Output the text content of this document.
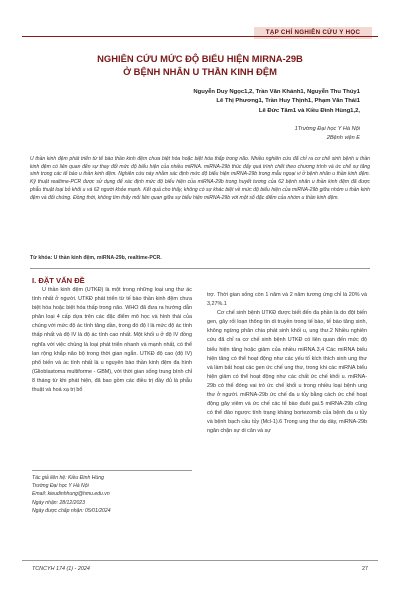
TẠP CHÍ NGHIÊN CỨU Y HỌC
NGHIÊN CỨU MỨC ĐỘ BIỂU HIỆN MIRNA-29B
Ở BỆNH NHÂN U THẦN KINH ĐỆM
Nguyễn Duy Ngọc1,2, Trần Văn Khánh1, Nguyễn Thu Thúy1
Lê Thị Phương1, Trần Huy Thịnh1, Phạm Văn Thái1
Lê Đức Tâm1 và Kiều Đình Hùng1,2,
1Trường Đại học Y Hà Nội
2Bệnh viện E
U thần kinh đệm phát triển từ tế bào thần kinh đệm chưa biệt hóa hoặc biệt hóa thấp trong não. Nhiều nghiên cứu đã chỉ ra cơ chế sinh bệnh u thần kinh đệm có liên quan đến sự thay đổi mức độ biểu hiện của nhiều miRNA. miRNA-29b thúc đẩy quá trình chết theo chương trình và ức chế sự tăng sinh trong các tế bào u thần kinh đệm. Nghiên cứu này nhằm xác định mức độ biểu hiện miRNA-29b trong mẫu ngoại vi ở bệnh nhân u thần kinh đệm. Kỹ thuật realtime-PCR được sử dụng để xác định mức độ biểu hiện của miRNA-29b trong huyết tương của 62 bệnh nhân u thần kinh đệm đã được phẫu thuật loại bỏ khối u và 62 người khỏe mạnh. Kết quả cho thấy, không có sự khác biệt về mức độ biểu hiện của miRNA-29b giữa nhóm u thần kinh đệm và đối chứng. Đồng thời, không tìm thấy mối liên quan giữa sự biểu hiện miRNA-29b với một số đặc điểm của nhóm u thần kinh đệm.
Từ khóa: U thần kinh đệm, miRNA-29b, realtime-PCR.
I. ĐẶT VẤN ĐỀ

U thần kinh đệm (UTKĐ) là một trong những loại ung thư ác tính nhất ở người. UTKĐ phát triển từ tế bào thần kinh đệm chưa biệt hóa hoặc biệt hóa thấp trong não. WHO đã đưa ra hướng dẫn phân loại 4 cấp dựa trên các đặc điểm mô học và hình thái của chúng với mức độ ác tính tăng dần, trong đó độ I là mức độ ác tính thấp nhất và độ IV là độ ác tính cao nhất. Một khối u ở độ IV đồng nghĩa với việc chúng là loại phát triển nhanh và mạnh nhất, có thể lan rộng khắp não bộ trong thời gian ngắn. UTKĐ độ cao (độ IV) phổ biến và ác tính nhất là u nguyên bào thần kinh đệm đa hình (Glioblastoma multiforme - GBM), với thời gian sống trung bình chỉ 8 tháng từ khi phát hiện, đã bao gồm các điều trị đầy đủ là phẫu thuật và hoá xạ trị bổ

Tác giả liên hệ: Kiều Đình Hùng
Trường Đại học Y Hà Nội
Email: kieudinhhung@hmu.edu.vn
Ngày nhận: 28/12/2023
Ngày được chấp nhận: 05/01/2024

trợ. Thời gian sống còn 1 năm và 2 năm tương ứng chỉ là 20% và 3,27%.1

Cơ chế sinh bệnh UTKĐ được biết đến đa phần là do đột biến gen, gây rối loạn thông tin di truyền trong tế bào, tế bào tăng sinh, không ngừng phân chia phát sinh khối u, ung thư.2 Nhiều nghiên cứu đã chỉ ra cơ chế sinh bệnh UTKĐ có liên quan đến mức độ biểu hiện tăng hoặc giảm của nhiều miRNA.3,4 Các miRNA biểu hiện tăng có thể hoạt động như các yếu tố kích thích sinh ung thư và làm bất hoạt các gen ức chế ung thư, trong khi các miRNA biểu hiện giảm có thể hoạt động như các chất ức chế khối u. miRNA-29b có thể đóng vai trò ức chế khối u trong nhiều loại bệnh ung thư ở người. miRNA-29b ức chế đa u tủy bằng cách ức chế hoạt động gây viêm và ức chế các tế bào đuôi gai.5 miRNA-29b cũng có thể đảo ngược tính trạng kháng bortezomib của bệnh đa u tủy và bệnh bạch cầu tủy (Mcl-1).6 Trong ung thư dạ dày, miRNA-29b ngăn chặn sự di căn và sự

TCNCYH 174 (1) - 2024	27
